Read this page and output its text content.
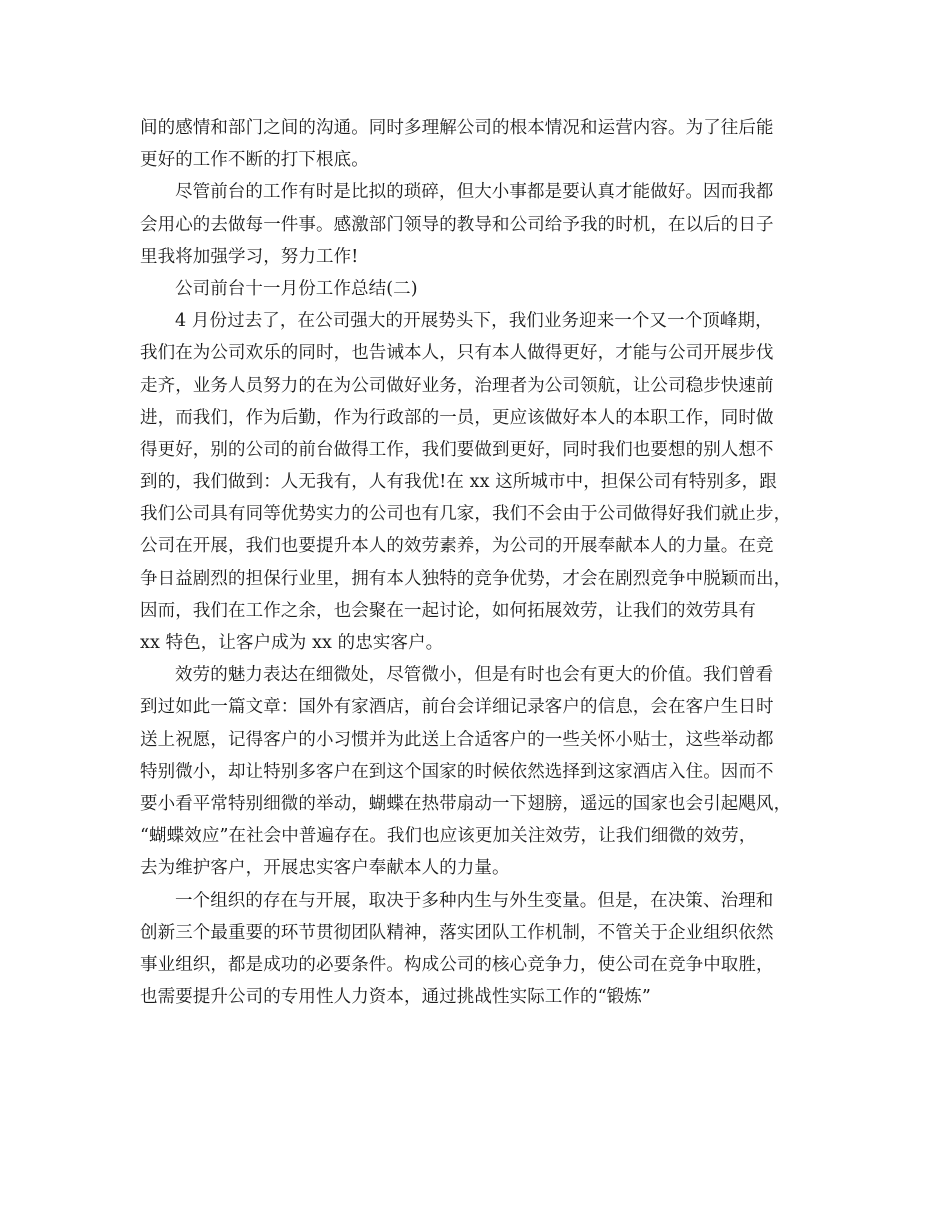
间的感情和部门之间的沟通。同时多理解公司的根本情况和运营内容。为了往后能
更好的工作不断的打下根底。
尽管前台的工作有时是比拟的琐碎，但大小事都是要认真才能做好。因而我都
会用心的去做每一件事。感激部门领导的教导和公司给予我的时机，在以后的日子
里我将加强学习，努力工作!
公司前台十一月份工作总结(二)
4 月份过去了，在公司强大的开展势头下，我们业务迎来一个又一个顶峰期，
我们在为公司欢乐的同时，也告诫本人，只有本人做得更好，才能与公司开展步伐
走齐，业务人员努力的在为公司做好业务，治理者为公司领航，让公司稳步快速前
进，而我们，作为后勤，作为行政部的一员，更应该做好本人的本职工作，同时做
得更好，别的公司的前台做得工作，我们要做到更好，同时我们也要想的别人想不
到的，我们做到：人无我有，人有我优!在 xx 这所城市中，担保公司有特别多，跟
我们公司具有同等优势实力的公司也有几家，我们不会由于公司做得好我们就止步，
公司在开展，我们也要提升本人的效劳素养，为公司的开展奉献本人的力量。在竞
争日益剧烈的担保行业里，拥有本人独特的竞争优势，才会在剧烈竞争中脱颖而出，
因而，我们在工作之余，也会聚在一起讨论，如何拓展效劳，让我们的效劳具有
xx 特色，让客户成为 xx 的忠实客户。
效劳的魅力表达在细微处，尽管微小，但是有时也会有更大的价值。我们曾看
到过如此一篇文章：国外有家酒店，前台会详细记录客户的信息，会在客户生日时
送上祝愿，记得客户的小习惯并为此送上合适客户的一些关怀小贴士，这些举动都
特别微小，却让特别多客户在到这个国家的时候依然选择到这家酒店入住。因而不
要小看平常特别细微的举动，蝴蝶在热带扇动一下翅膀，遥远的国家也会引起飓风，
“蝴蝶效应”在社会中普遍存在。我们也应该更加关注效劳，让我们细微的效劳，
去为维护客户，开展忠实客户奉献本人的力量。
一个组织的存在与开展，取决于多种内生与外生变量。但是，在决策、治理和
创新三个最重要的环节贯彻团队精神，落实团队工作机制，不管关于企业组织依然
事业组织，都是成功的必要条件。构成公司的核心竞争力，使公司在竞争中取胜，
也需要提升公司的专用性人力资本，通过挑战性实际工作的“锻炼”
